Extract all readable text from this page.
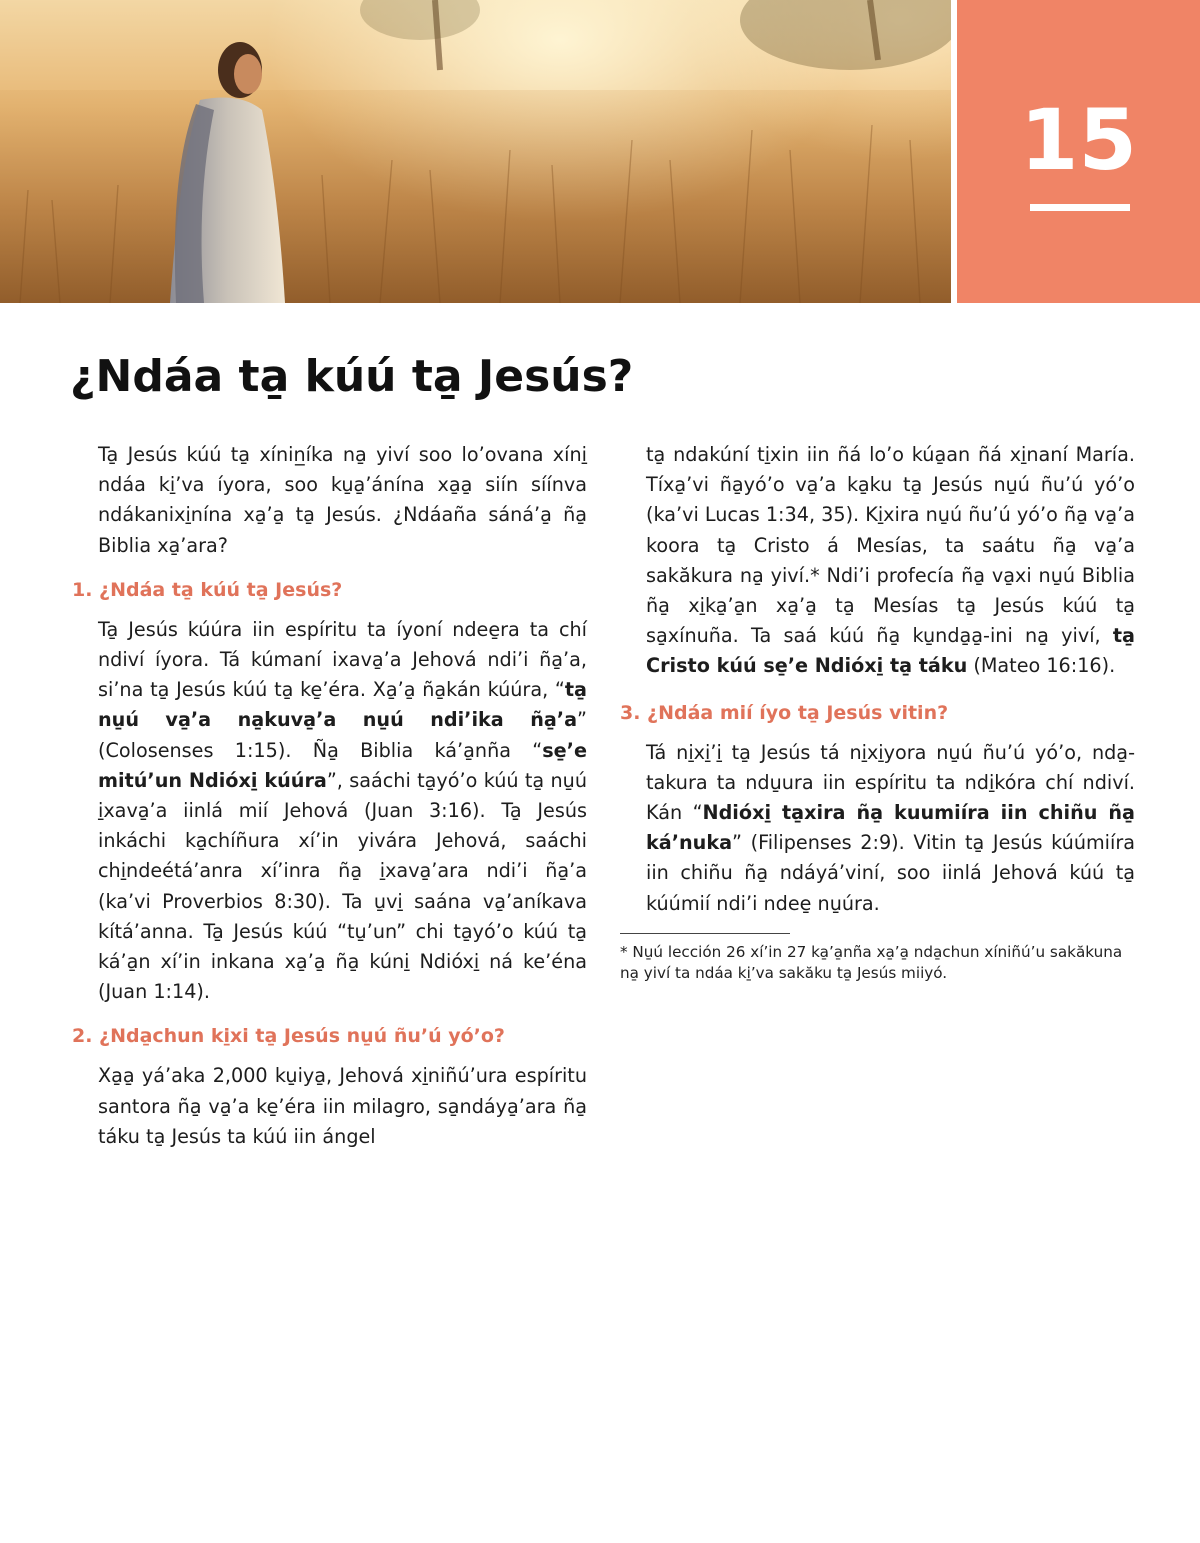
15
¿Ndáa ta̱ kúú ta̱ Jesús?

Ta̱ Jesús kúú ta̱ xínin̲íka na̱ yiví soo lo’ovana xíni̱ ndáa ki̱’va íyora, soo ku̱a̱’ánína xa̱a̱ siín síínva ndákanixi̱nína xa̱’a̱ ta̱ Jesús. ¿Ndáaña sáná’a̱ ña̱ Biblia xa̱’ara?

1. ¿Ndáa ta̱ kúú ta̱ Jesús?

Ta̱ Jesús kúúra iin espíritu ta íyoní ndee̱ra ta chí ndiví íyora. Tá kúmaní ixava̱’a Jehová ndi’i ña̱’a, si’na ta̱ Jesús kúú ta̱ ke̱’éra. Xa̱’a̱ ña̱kán kúúra, “ta̱ nu̱ú va̱’a na̱kuva̱’a nu̱ú ndi’ika ña̱’a” (Colosenses 1:15). Ña̱ Biblia ká’a̱nña “se̱’e mitú’un Ndióxi̱ kúúra”, saáchi ta̱yó’o kúú ta̱ nu̱ú i̱xava̱’a iinlá mií Jehová (Juan 3:16). Ta̱ Jesús inkáchi ka̱chíñura xí’in yivára Jehová, saáchi chi̱ndeétá’anra xí’inra ña̱ i̱xava̱’ara ndi’i ña̱’a (ka’vi Proverbios 8:30). Ta u̱vi̱ saána va̱’aníkava kítá’anna. Ta̱ Jesús kúú “tu̱’un” chi ta̱yó’o kúú ta̱ ká’a̱n xí’in inkana xa̱’a̱ ña̱ kúni̱ Ndióxi̱ ná ke’éna (Juan 1:14).

2. ¿Nda̱chun ki̱xi ta̱ Jesús nu̱ú ñu’ú yó’o?

Xa̱a̱ yá’aka 2,000 ku̱iya̱, Jehová xi̱niñú’ura espíritu santora ña̱ va̱’a ke̱’éra iin milagro, sa̱ndáya̱’ara ña̱ táku ta̱ Jesús ta kúú iin ángel

ta̱ ndakúní ti̱xin iin ñá lo’o kúa̱an ñá xi̱naní María. Tíxa̱’vi ña̱yó’o va̱’a ka̱ku ta̱ Jesús nu̱ú ñu’ú yó’o (ka’vi Lucas 1:34, 35). Ki̱xira nu̱ú ñu’ú yó’o ña̱ va̱’a koora ta̱ Cristo á Mesías, ta saátu ña̱ va̱’a sakăkura na̱ yiví.* Ndi’i profecía ña̱ va̱xi nu̱ú Biblia ña̱ xi̱ka̱’a̱n xa̱’a̱ ta̱ Mesías ta̱ Jesús kúú ta̱ sa̱xínuña. Ta saá kúú ña̱ ku̱nda̱a̱-ini na̱ yiví, ta̱ Cristo kúú se̱’e Ndióxi̱ ta̱ táku (Mateo 16:16).

3. ¿Ndáa mií íyo ta̱ Jesús vitin?

Tá ni̱xi̱’i̱ ta̱ Jesús tá ni̱xi̱yora nu̱ú ñu’ú yó’o, nda̱takura ta ndu̱ura iin espíritu ta ndi̱kóra chí ndiví. Kán “Ndióxi̱ ta̱xira ña̱ kuumiíra iin chiñu ña̱ ká’nuka” (Filipenses 2:9). Vitin ta̱ Jesús kúúmiíra iin chiñu ña̱ ndáyá’viní, soo iinlá Jehová kúú ta̱ kúúmií ndi’i ndee̱ nu̱úra.

* Nu̱ú lección 26 xí’in 27 ka̱’a̱nña xa̱’a̱ nda̱chun xíniñú’u sakăkuna na̱ yiví ta ndáa ki̱’va sakăku ta̱ Jesús miiyó.
